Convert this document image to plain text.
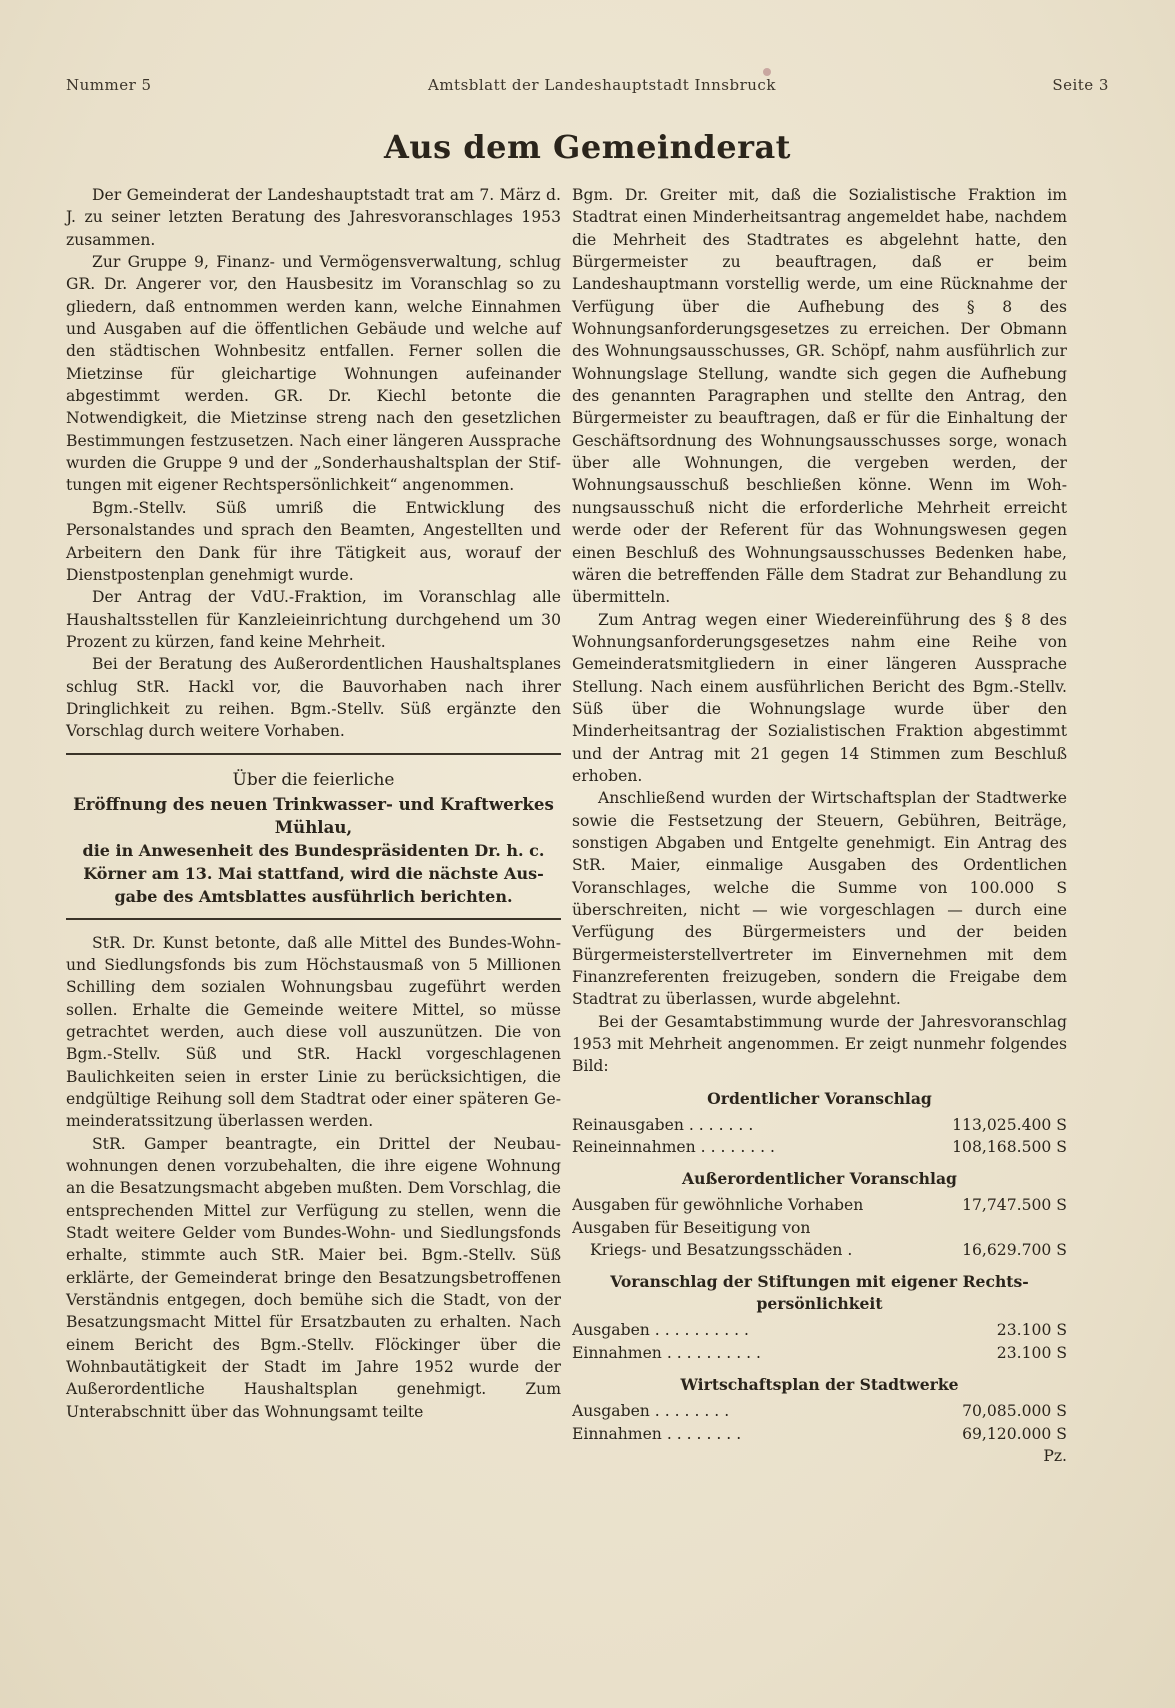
Nummer 5	Amtsblatt der Landeshauptstadt Innsbruck	Seite 3
Aus dem Gemeinderat

Der Gemeinderat der Landeshauptstadt trat am 7. März d. J. zu seiner letzten Beratung des Jahresvoranschlages 1953 zusammen.

Zur Gruppe 9, Finanz- und Vermögensverwaltung, schlug GR. Dr. Angerer vor, den Hausbesitz im Voranschlag so zu gliedern, daß entnommen werden kann, welche Einnahmen und Ausgaben auf die öffentlichen Gebäude und welche auf den städtischen Wohnbesitz entfallen. Ferner sollen die Mietzinse für gleichartige Wohnungen aufeinander abgestimmt werden. GR. Dr. Kiechl betonte die Notwendigkeit, die Mietzinse streng nach den gesetzlichen Bestimmungen festzusetzen. Nach einer längeren Aussprache wurden die Gruppe 9 und der „Sonderhaushaltsplan der Stiftungen mit eigener Rechtspersönlichkeit“ angenommen.

Bgm.-Stellv. Süß umriß die Entwicklung des Personalstandes und sprach den Beamten, Angestellten und Arbeitern den Dank für ihre Tätigkeit aus, worauf der Dienstpostenplan genehmigt wurde.

Der Antrag der VdU.-Fraktion, im Voranschlag alle Haushaltsstellen für Kanzleieinrichtung durchgehend um 30 Prozent zu kürzen, fand keine Mehrheit.

Bei der Beratung des Außerordentlichen Haushaltsplanes schlug StR. Hackl vor, die Bauvorhaben nach ihrer Dringlichkeit zu reihen. Bgm.-Stellv. Süß ergänzte den Vorschlag durch weitere Vorhaben.

Über die feierliche
Eröffnung des neuen Trinkwasser- und Kraftwerkes Mühlau,
die in Anwesenheit des Bundespräsidenten Dr. h. c. Körner am 13. Mai stattfand, wird die nächste Ausgabe des Amtsblattes ausführlich berichten.

StR. Dr. Kunst betonte, daß alle Mittel des Bundes-Wohn- und Siedlungsfonds bis zum Höchstausmaß von 5 Millionen Schilling dem sozialen Wohnungsbau zugeführt werden sollen. Erhalte die Gemeinde weitere Mittel, so müsse getrachtet werden, auch diese voll auszunützen. Die von Bgm.-Stellv. Süß und StR. Hackl vorgeschlagenen Baulichkeiten seien in erster Linie zu berücksichtigen, die endgültige Reihung soll dem Stadtrat oder einer späteren Gemeinderatssitzung überlassen werden.

StR. Gamper beantragte, ein Drittel der Neubauwohnungen denen vorzubehalten, die ihre eigene Wohnung an die Besatzungsmacht abgeben mußten. Dem Vorschlag, die entsprechenden Mittel zur Verfügung zu stellen, wenn die Stadt weitere Gelder vom Bundes-Wohn- und Siedlungsfonds erhalte, stimmte auch StR. Maier bei. Bgm.-Stellv. Süß erklärte, der Gemeinderat bringe den Besatzungsbetroffenen Verständnis entgegen, doch bemühe sich die Stadt, von der Besatzungsmacht Mittel für Ersatzbauten zu erhalten. Nach einem Bericht des Bgm.-Stellv. Flöckinger über die Wohnbautätigkeit der Stadt im Jahre 1952 wurde der Außerordentliche Haushaltsplan genehmigt. Zum Unterabschnitt über das Wohnungsamt teilte

Bgm. Dr. Greiter mit, daß die Sozialistische Fraktion im Stadtrat einen Minderheitsantrag angemeldet habe, nachdem die Mehrheit des Stadtrates es abgelehnt hatte, den Bürgermeister zu beauftragen, daß er beim Landeshauptmann vorstellig werde, um eine Rücknahme der Verfügung über die Aufhebung des § 8 des Wohnungsanforderungsgesetzes zu erreichen. Der Obmann des Wohnungsausschusses, GR. Schöpf, nahm ausführlich zur Wohnungslage Stellung, wandte sich gegen die Aufhebung des genannten Paragraphen und stellte den Antrag, den Bürgermeister zu beauftragen, daß er für die Einhaltung der Geschäftsordnung des Wohnungsausschusses sorge, wonach über alle Wohnungen, die vergeben werden, der Wohnungsausschuß beschließen könne. Wenn im Wohnungsausschuß nicht die erforderliche Mehrheit erreicht werde oder der Referent für das Wohnungswesen gegen einen Beschluß des Wohnungsausschusses Bedenken habe, wären die betreffenden Fälle dem Stadrat zur Behandlung zu übermitteln.

Zum Antrag wegen einer Wiedereinführung des § 8 des Wohnungsanforderungsgesetzes nahm eine Reihe von Gemeinderatsmitgliedern in einer längeren Aussprache Stellung. Nach einem ausführlichen Bericht des Bgm.-Stellv. Süß über die Wohnungslage wurde über den Minderheitsantrag der Sozialistischen Fraktion abgestimmt und der Antrag mit 21 gegen 14 Stimmen zum Beschluß erhoben.

Anschließend wurden der Wirtschaftsplan der Stadtwerke sowie die Festsetzung der Steuern, Gebühren, Beiträge, sonstigen Abgaben und Entgelte genehmigt. Ein Antrag des StR. Maier, einmalige Ausgaben des Ordentlichen Voranschlages, welche die Summe von 100.000 S überschreiten, nicht — wie vorgeschlagen — durch eine Verfügung des Bürgermeisters und der beiden Bürgermeisterstellvertreter im Einvernehmen mit dem Finanzreferenten freizugeben, sondern die Freigabe dem Stadtrat zu überlassen, wurde abgelehnt.

Bei der Gesamtabstimmung wurde der Jahresvoranschlag 1953 mit Mehrheit angenommen. Er zeigt nunmehr folgendes Bild:

Ordentlicher Voranschlag
Reinausgaben . . . . . . .	113,025.400 S
Reineinnahmen . . . . . . . .	108,168.500 S
Außerordentlicher Voranschlag
Ausgaben für gewöhnliche Vorhaben	17,747.500 S
Ausgaben für Beseitigung von
Kriegs- und Besatzungsschäden .	16,629.700 S
Voranschlag der Stiftungen mit eigener Rechtspersönlichkeit
Ausgaben . . . . . . . . . .	23.100 S
Einnahmen . . . . . . . . . .	23.100 S
Wirtschaftsplan der Stadtwerke
Ausgaben . . . . . . . .	70,085.000 S
Einnahmen . . . . . . . .	69,120.000 S
Pz.
